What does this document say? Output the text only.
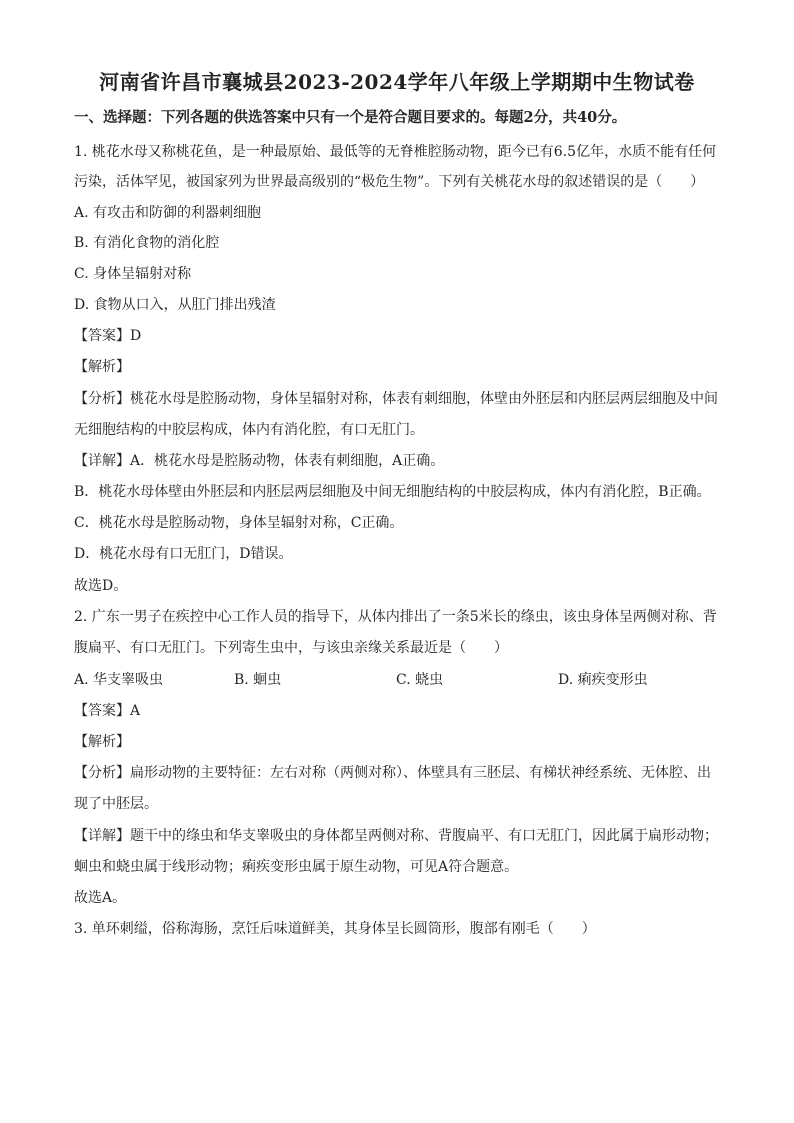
河南省许昌市襄城县2023-2024学年八年级上学期期中生物试卷
一、选择题：下列各题的供选答案中只有一个是符合题目要求的。每题2分，共40分。
1. 桃花水母又称桃花鱼，是一种最原始、最低等的无脊椎腔肠动物，距今已有6.5亿年，水质不能有任何
污染，活体罕见，被国家列为世界最高级别的“极危生物”。下列有关桃花水母的叙述错误的是（　　）
A. 有攻击和防御的利器刺细胞
B. 有消化食物的消化腔
C. 身体呈辐射对称
D. 食物从口入，从肛门排出残渣
【答案】D
【解析】
【分析】桃花水母是腔肠动物，身体呈辐射对称，体表有刺细胞，体壁由外胚层和内胚层两层细胞及中间
无细胞结构的中胶层构成，体内有消化腔，有口无肛门。
【详解】A．桃花水母是腔肠动物，体表有刺细胞，A正确。
B．桃花水母体壁由外胚层和内胚层两层细胞及中间无细胞结构的中胶层构成，体内有消化腔，B正确。
C．桃花水母是腔肠动物，身体呈辐射对称，C正确。
D．桃花水母有口无肛门，D错误。
故选D。
2. 广东一男子在疾控中心工作人员的指导下，从体内排出了一条5米长的绦虫，该虫身体呈两侧对称、背
腹扁平、有口无肛门。下列寄生虫中，与该虫亲缘关系最近是（　　）
A. 华支睾吸虫	B. 蛔虫	C. 蛲虫	D. 痢疾变形虫
【答案】A
【解析】
【分析】扁形动物的主要特征：左右对称（两侧对称）、体壁具有三胚层、有梯状神经系统、无体腔、出
现了中胚层。
【详解】题干中的绦虫和华支睾吸虫的身体都呈两侧对称、背腹扁平、有口无肛门，因此属于扁形动物；
蛔虫和蛲虫属于线形动物；痢疾变形虫属于原生动物，可见A符合题意。
故选A。
3. 单环刺缢，俗称海肠，烹饪后味道鲜美，其身体呈长圆筒形，腹部有刚毛（　　）
